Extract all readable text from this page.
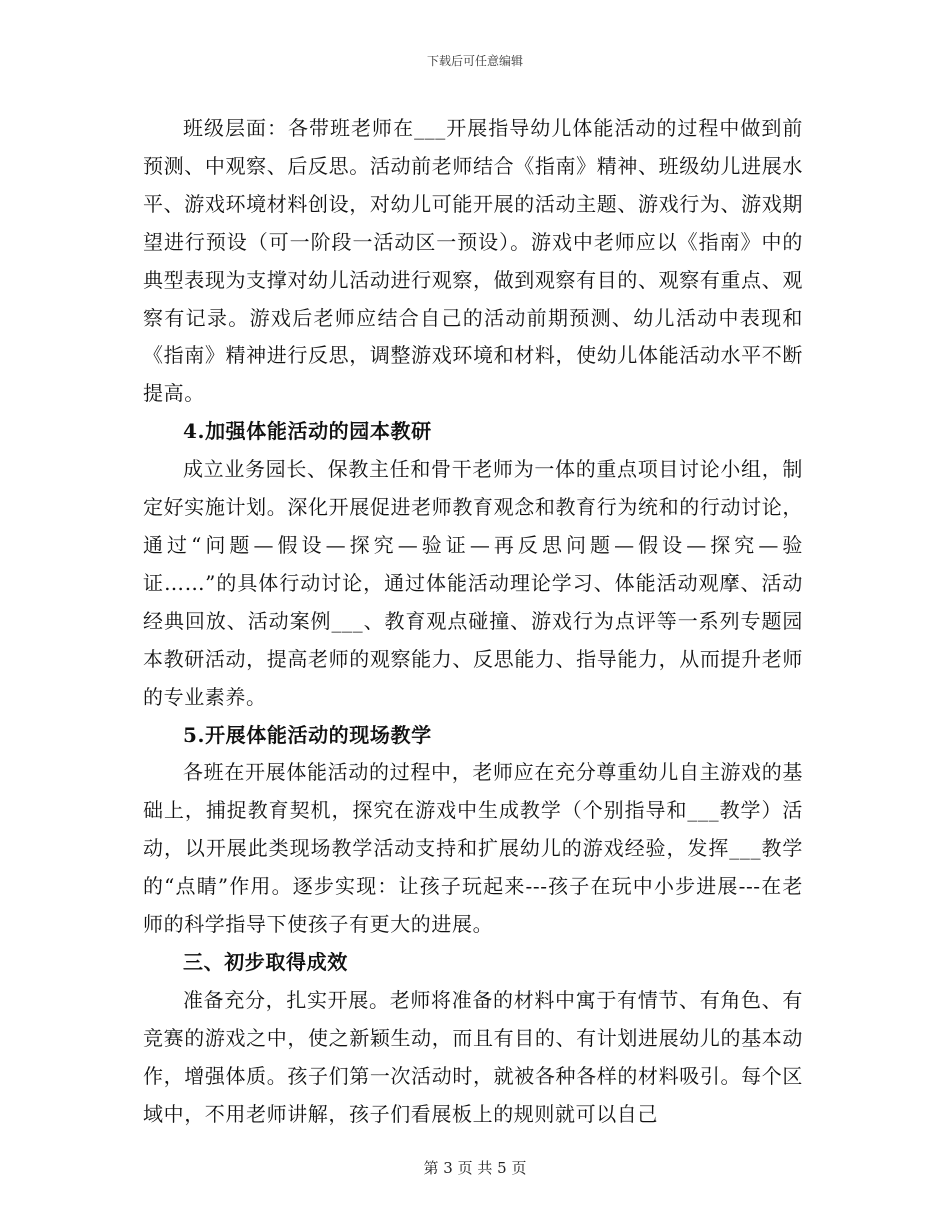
下载后可任意编辑

班级层面：各带班老师在___开展指导幼儿体能活动的过程中做到前预测、中观察、后反思。活动前老师结合《指南》精神、班级幼儿进展水平、游戏环境材料创设，对幼儿可能开展的活动主题、游戏行为、游戏期望进行预设（可一阶段一活动区一预设）。游戏中老师应以《指南》中的典型表现为支撑对幼儿活动进行观察，做到观察有目的、观察有重点、观察有记录。游戏后老师应结合自己的活动前期预测、幼儿活动中表现和《指南》精神进行反思，调整游戏环境和材料，使幼儿体能活动水平不断提高。

4.加强体能活动的园本教研

成立业务园长、保教主任和骨干老师为一体的重点项目讨论小组，制定好实施计划。深化开展促进老师教育观念和教育行为统和的行动讨论，通过“问题—假设—探究—验证—再反思问题—假设—探究—验证……”的具体行动讨论，通过体能活动理论学习、体能活动观摩、活动经典回放、活动案例___、教育观点碰撞、游戏行为点评等一系列专题园本教研活动，提高老师的观察能力、反思能力、指导能力，从而提升老师的专业素养。

5.开展体能活动的现场教学

各班在开展体能活动的过程中，老师应在充分尊重幼儿自主游戏的基础上，捕捉教育契机，探究在游戏中生成教学（个别指导和___教学）活动，以开展此类现场教学活动支持和扩展幼儿的游戏经验，发挥___教学的“点睛”作用。逐步实现：让孩子玩起来---孩子在玩中小步进展---在老师的科学指导下使孩子有更大的进展。

三、初步取得成效

准备充分，扎实开展。老师将准备的材料中寓于有情节、有角色、有竞赛的游戏之中，使之新颖生动，而且有目的、有计划进展幼儿的基本动作，增强体质。孩子们第一次活动时，就被各种各样的材料吸引。每个区域中，不用老师讲解，孩子们看展板上的规则就可以自己

第 3 页 共 5 页
